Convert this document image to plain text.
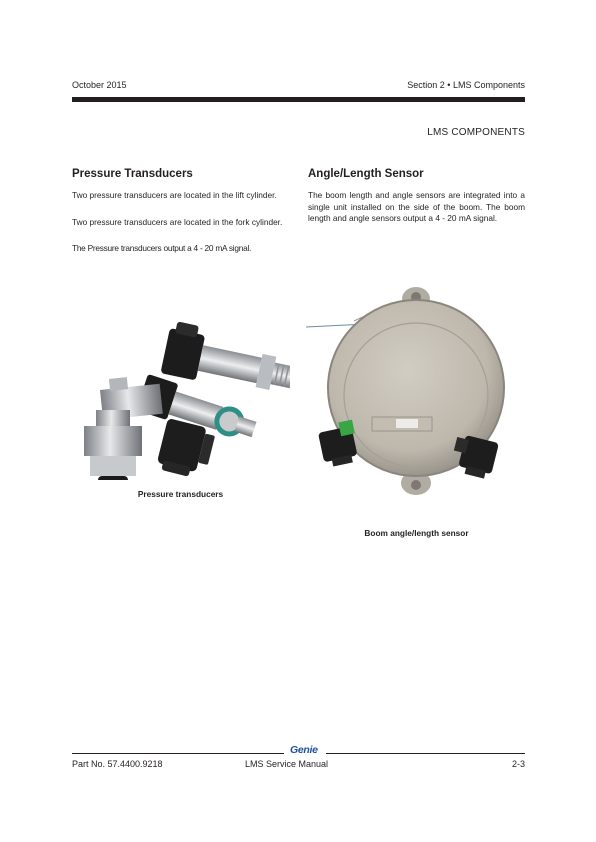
October 2015	Section 2 • LMS Components
LMS COMPONENTS
Pressure Transducers

Two pressure transducers are located in the lift cylinder.

Two pressure transducers are located in the fork cylinder.

The Pressure transducers output a 4 - 20 mA signal.

Pressure transducers
Angle/Length Sensor

The boom length and angle sensors are integrated into a single unit installed on the side of the boom. The boom length and angle sensors output a 4 - 20 mA signal.

Boom angle/length sensor
Genie
Part No. 57.4400.9218	LMS Service Manual	2-3
